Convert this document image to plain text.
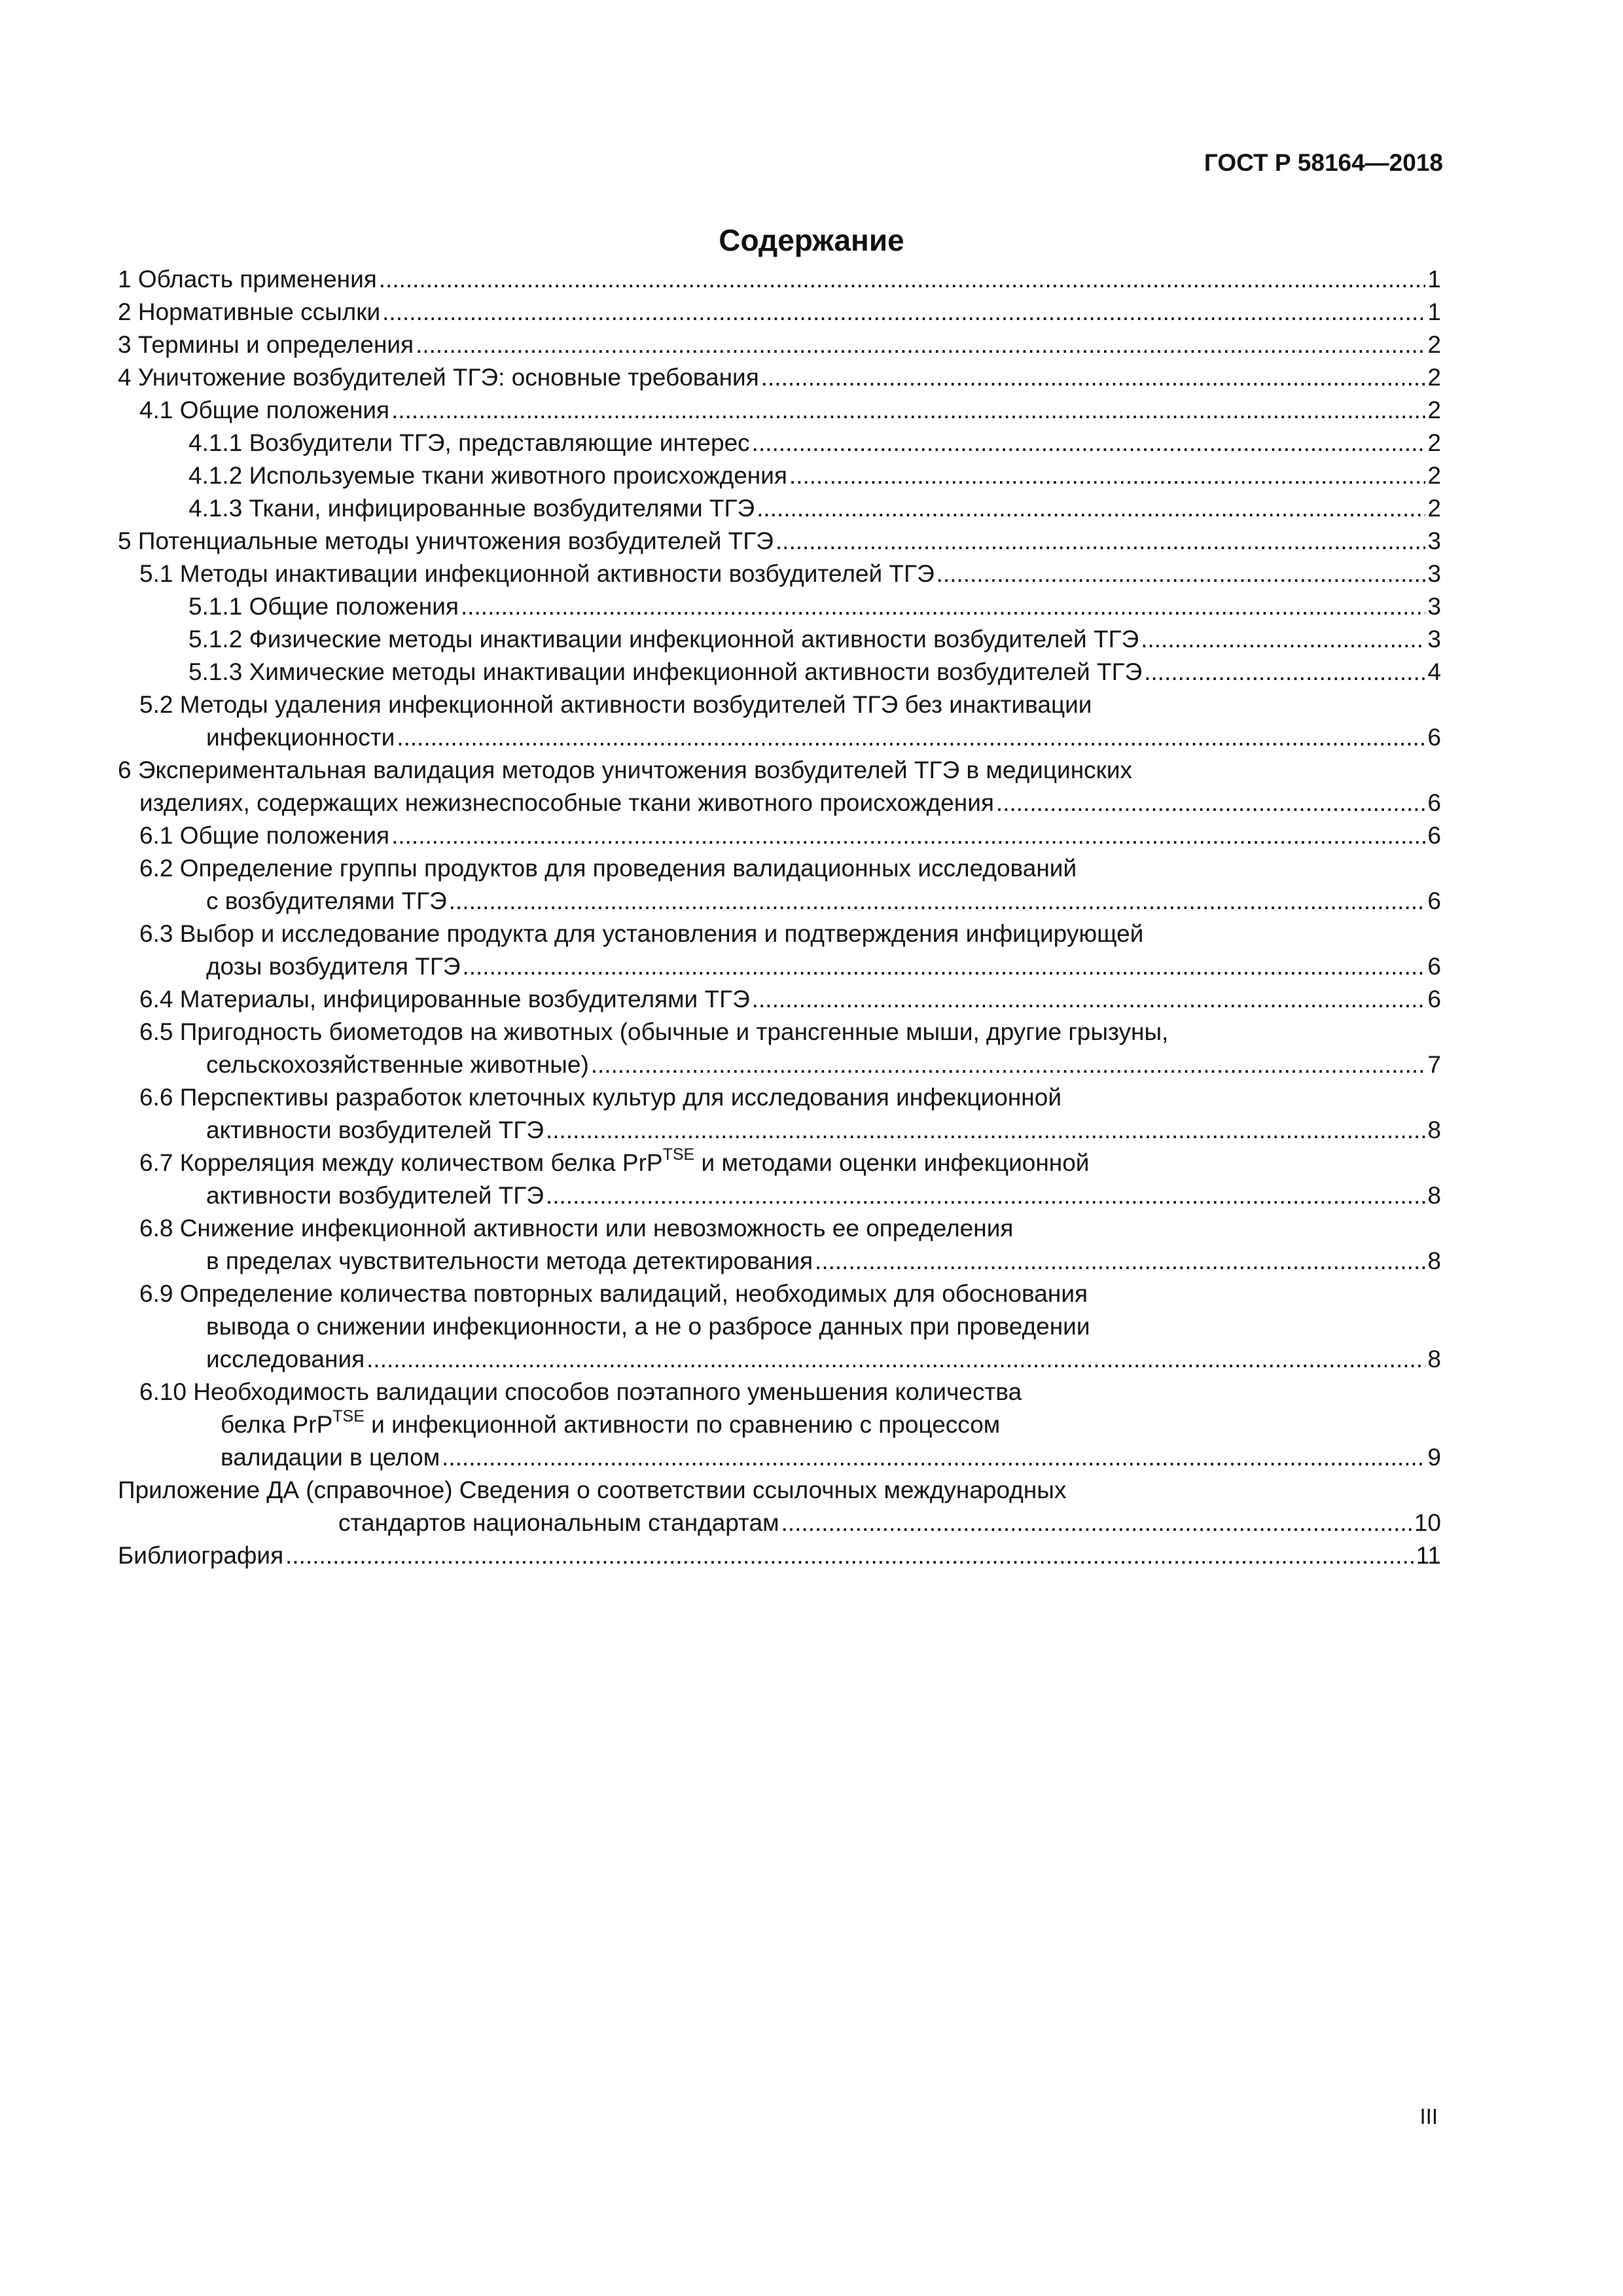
ГОСТ Р 58164—2018

Содержание
1 Область применения .....	1
2 Нормативные ссылки .....	1
3 Термины и определения .....	2
4 Уничтожение возбудителей ТГЭ: основные требования .....	2
4.1 Общие положения .....	2
4.1.1 Возбудители ТГЭ, представляющие интерес .....	2
4.1.2 Используемые ткани животного происхождения .....	2
4.1.3 Ткани, инфицированные возбудителями ТГЭ .....	2
5 Потенциальные методы уничтожения возбудителей ТГЭ .....	3
5.1 Методы инактивации инфекционной активности возбудителей ТГЭ .....	3
5.1.1 Общие положения .....	3
5.1.2 Физические методы инактивации инфекционной активности возбудителей ТГЭ .....	3
5.1.3 Химические методы инактивации инфекционной активности возбудителей ТГЭ .....	4
5.2 Методы удаления инфекционной активности возбудителей ТГЭ без инактивации
инфекционности .....	6
6 Экспериментальная валидация методов уничтожения возбудителей ТГЭ в медицинских
изделиях, содержащих нежизнеспособные ткани животного происхождения .....	6
6.1 Общие положения .....	6
6.2 Определение группы продуктов для проведения валидационных исследований
с возбудителями ТГЭ .....	6
6.3 Выбор и исследование продукта для установления и подтверждения инфицирующей
дозы возбудителя ТГЭ .....	6
6.4 Материалы, инфицированные возбудителями ТГЭ .....	6
6.5 Пригодность биометодов на животных (обычные и трансгенные мыши, другие грызуны,
сельскохозяйственные животные) .....	7
6.6 Перспективы разработок клеточных культур для исследования инфекционной
активности возбудителей ТГЭ .....	8
6.7 Корреляция между количеством белка PrP$^{TSE}$ и методами оценки инфекционной
активности возбудителей ТГЭ .....	8
6.8 Снижение инфекционной активности или невозможность ее определения
в пределах чувствительности метода детектирования .....	8
6.9 Определение количества повторных валидаций, необходимых для обоснования
вывода о снижении инфекционности, а не о разбросе данных при проведении
исследования .....	8
6.10 Необходимость валидации способов поэтапного уменьшения количества
белка PrP$^{TSE}$ и инфекционной активности по сравнению с процессом
валидации в целом .....	9
Приложение ДА (справочное) Сведения о соответствии ссылочных международных
стандартов национальным стандартам .....	10
Библиография .....	11

III
